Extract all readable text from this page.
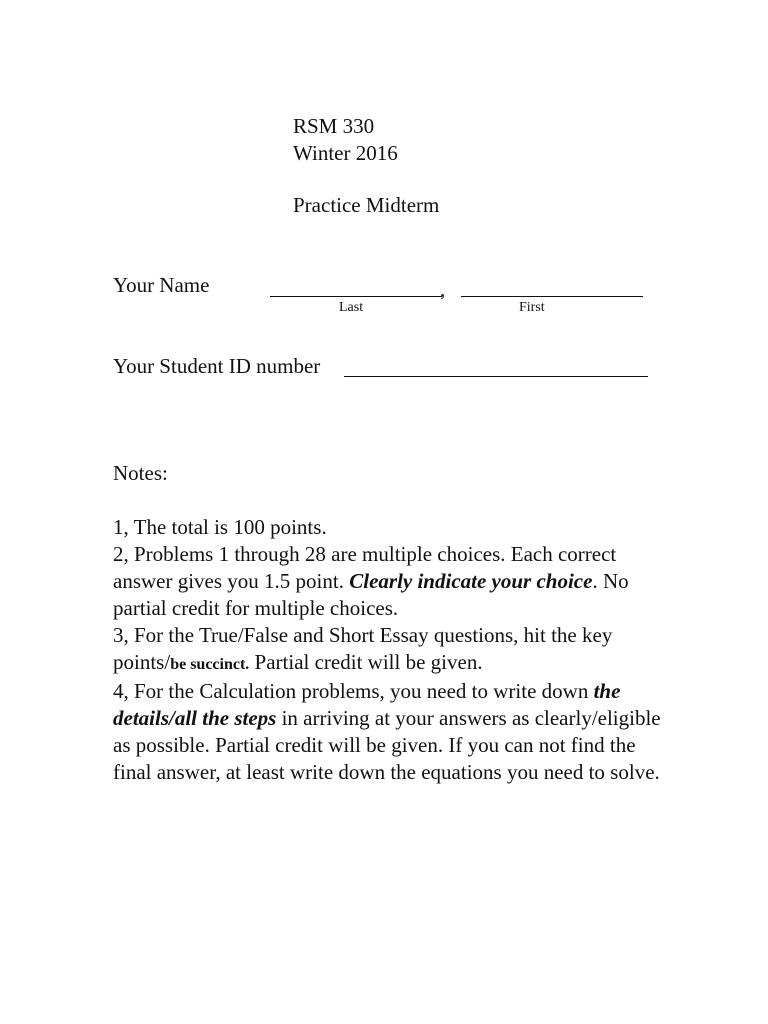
RSM 330
Winter 2016
Practice Midterm
Your Name	,
Last	First
Your Student ID number

Notes:

1, The total is 100 points.

2, Problems 1 through 28 are multiple choices. Each correct answer gives you 1.5 point. Clearly indicate your choice. No partial credit for multiple choices.

3, For the True/False and Short Essay questions, hit the key points/be succinct. Partial credit will be given.

4, For the Calculation problems, you need to write down the details/all the steps in arriving at your answers as clearly/eligible as possible. Partial credit will be given. If you can not find the final answer, at least write down the equations you need to solve.
